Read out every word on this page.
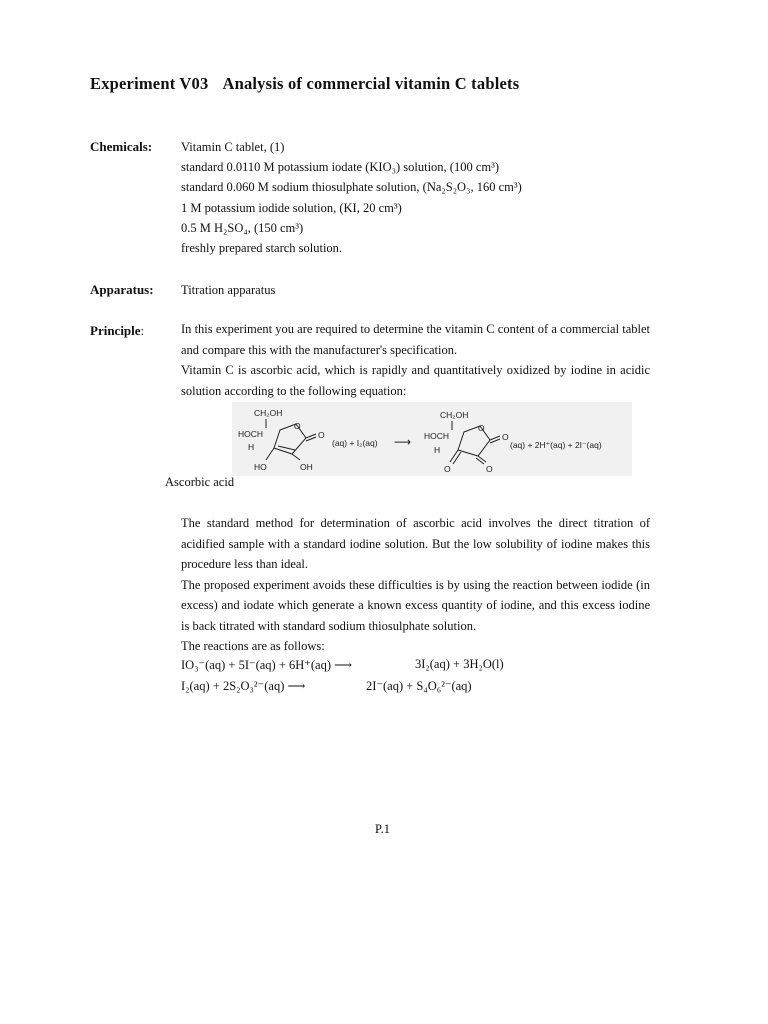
Experiment V03 Analysis of commercial vitamin C tablets
Chemicals: Vitamin C tablet, (1)
standard 0.0110 M potassium iodate (KIO₃) solution, (100 cm³)
standard 0.060 M sodium thiosulphate solution, (Na₂S₂O₃, 160 cm³)
1 M potassium iodide solution, (KI, 20 cm³)
0.5 M H₂SO₄, (150 cm³)
freshly prepared starch solution.
Apparatus: Titration apparatus
Principle:	In this experiment you are required to determine the vitamin C content of a commercial tablet and compare this with the manufacturer's specification.

Vitamin C is ascorbic acid, which is rapidly and quantitatively oxidized by iodine in acidic solution according to the following equation:

CH₂OH
HOCH
H
O
O
HO	OH
(aq) + I₂(aq) ⟶
CH₂OH
HOCH
H
O
O
O	O
(aq) + 2H⁺(aq) + 2I⁻(aq)
Ascorbic acid

The standard method for determination of ascorbic acid involves the direct titration of acidified sample with a standard iodine solution. But the low solubility of iodine makes this procedure less than ideal.

The proposed experiment avoids these difficulties is by using the reaction between iodide (in excess) and iodate which generate a known excess quantity of iodine, and this excess iodine is back titrated with standard sodium thiosulphate solution.

The reactions are as follows:

IO₃⁻(aq) + 5I⁻(aq) + 6H⁺(aq) ⟶	3I₂(aq) + 3H₂O(l)
I₂(aq) + 2S₂O₃²⁻(aq) ⟶	2I⁻(aq) + S₄O₆²⁻(aq)
P.1
